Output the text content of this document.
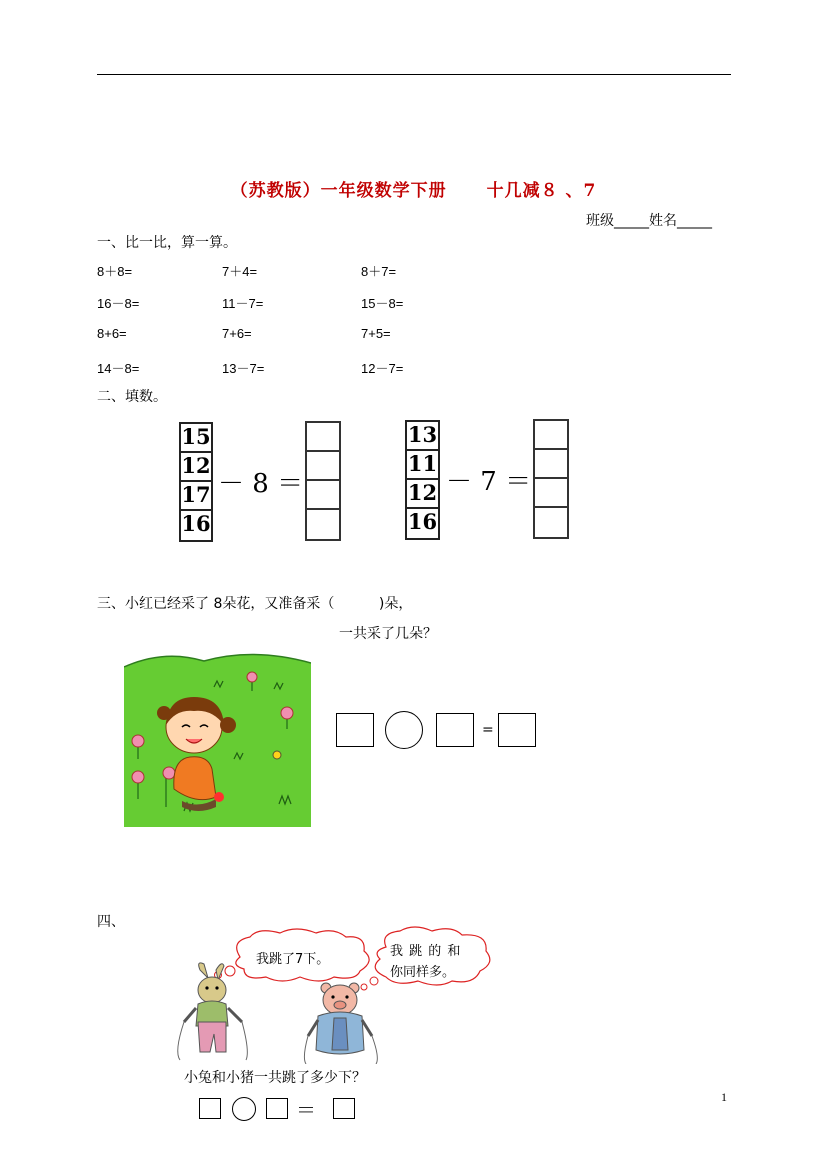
（苏教版）一年级数学下册 十几减８ 、7
班级_____姓名_____
一、比一比，算一算。
8＋8=	7＋4=	8＋7=
16－8=	11－7=	15－8=
8+6=	7+6=	7+5=
14－8=	13－7=	12－7=
二、填数。
15
12
17
16
－ 8 ＝
13
11
12
16
－ 7 ＝
三、小红已经采了 8朵花，又准备采（          )朵，
一共采了几朵？
=
四、
我跳了7下。
我 跳 的 和
你同样多。
小兔和小猪一共跳了多少下？
＝
1
